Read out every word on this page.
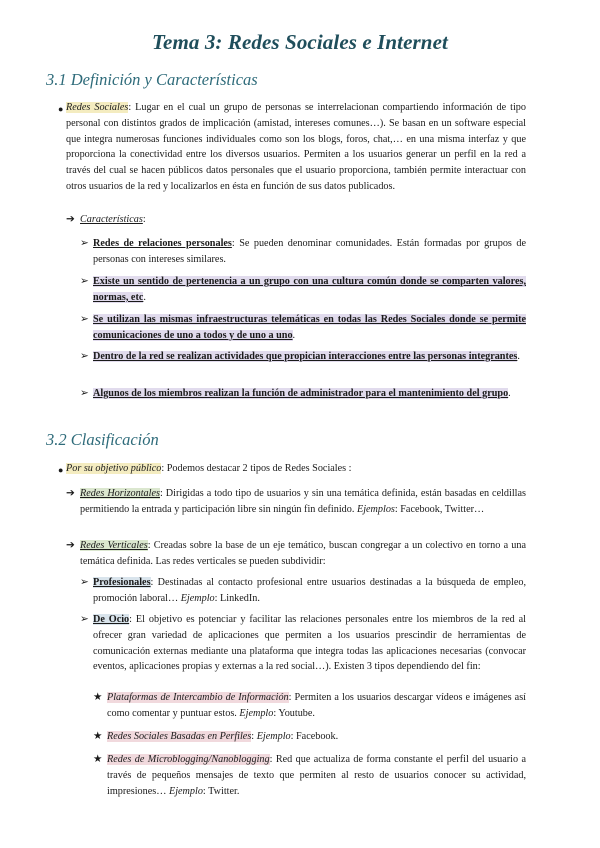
Tema 3: Redes Sociales e Internet
3.1 Definición y Características
● Redes Sociales: Lugar en el cual un grupo de personas se interrelacionan compartiendo información de tipo personal con distintos grados de implicación (amistad, intereses comunes…). Se basan en un software especial que integra numerosas funciones individuales como son los blogs, foros, chat,… en una misma interfaz y que proporciona la conectividad entre los diversos usuarios. Permiten a los usuarios generar un perfil en la red a través del cual se hacen públicos datos personales que el usuario proporciona, también permite interactuar con otros usuarios de la red y localizarlos en ésta en función de sus datos publicados.
➔ Características:
➢ Redes de relaciones personales: Se pueden denominar comunidades. Están formadas por grupos de personas con intereses similares.
➢ Existe un sentido de pertenencia a un grupo con una cultura común donde se comparten valores, normas, etc.
➢ Se utilizan las mismas infraestructuras telemáticas en todas las Redes Sociales donde se permite comunicaciones de uno a todos y de uno a uno.
➢ Dentro de la red se realizan actividades que propician interacciones entre las personas integrantes.
➢ Algunos de los miembros realizan la función de administrador para el mantenimiento del grupo.
3.2 Clasificación
● Por su objetivo público: Podemos destacar 2 tipos de Redes Sociales :
➔ Redes Horizontales: Dirigidas a todo tipo de usuarios y sin una temática definida, están basadas en celdillas permitiendo la entrada y participación libre sin ningún fin definido. Ejemplos: Facebook, Twitter…
➔ Redes Verticales: Creadas sobre la base de un eje temático, buscan congregar a un colectivo en torno a una temática definida. Las redes verticales se pueden subdividir:
➢ Profesionales: Destinadas al contacto profesional entre usuarios destinadas a la búsqueda de empleo, promoción laboral… Ejemplo: LinkedIn.
➢ De Ocio: El objetivo es potenciar y facilitar las relaciones personales entre los miembros de la red al ofrecer gran variedad de aplicaciones que permiten a los usuarios prescindir de herramientas de comunicación externas mediante una plataforma que integra todas las aplicaciones necesarias (convocar eventos, aplicaciones propias y externas a la red social…). Existen 3 tipos dependiendo del fin:
★ Plataformas de Intercambio de Información: Permiten a los usuarios descargar vídeos e imágenes así como comentar y puntuar estos. Ejemplo: Youtube.
★ Redes Sociales Basadas en Perfiles: Ejemplo: Facebook.
★ Redes de Microblogging/Nanoblogging: Red que actualiza de forma constante el perfil del usuario a través de pequeños mensajes de texto que permiten al resto de usuarios conocer su actividad, impresiones… Ejemplo: Twitter.
